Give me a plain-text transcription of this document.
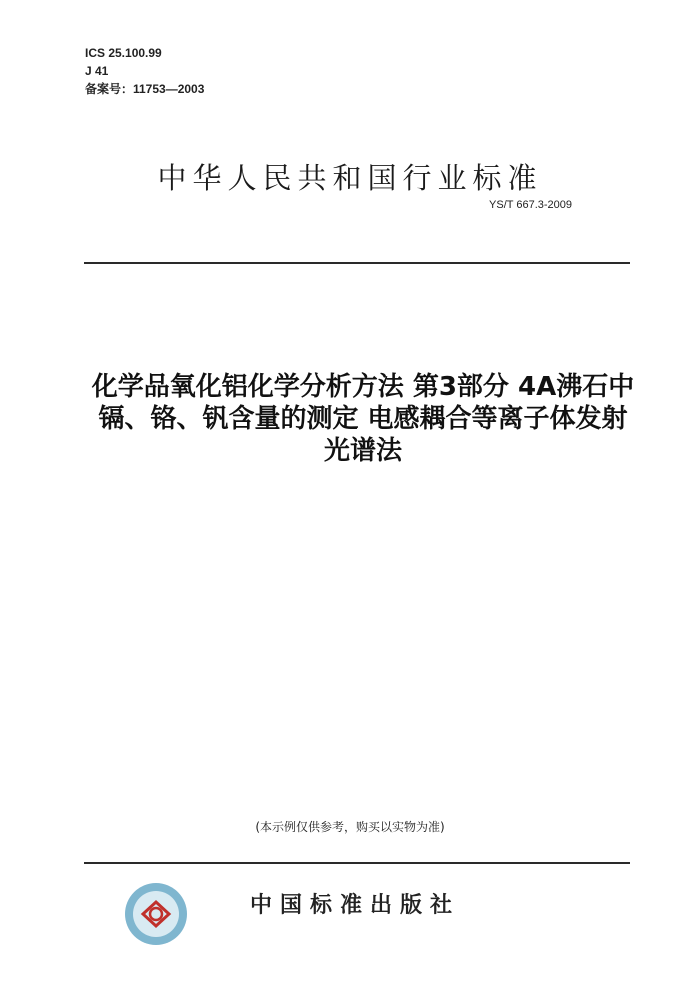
ICS 25.100.99
J 41
备案号：11753—2003
中华人民共和国行业标准
YS/T 667.3-2009
化学品氧化铝化学分析方法 第3部分 4A沸石中
镉、铬、钒含量的测定 电感耦合等离子体发射
光谱法
(本示例仅供参考，购买以实物为准)
中国标准出版社
